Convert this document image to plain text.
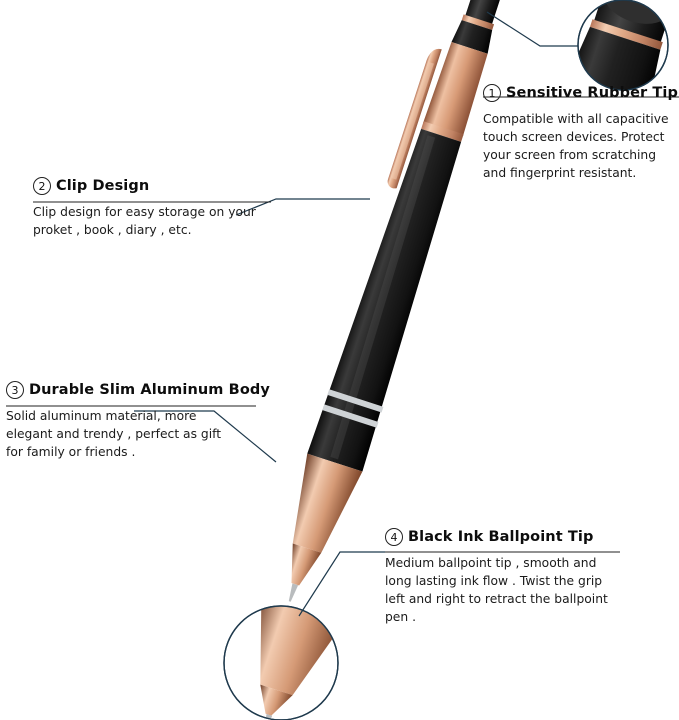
1 Sensitive Rubber Tip
Compatible with all capacitive touch screen devices. Protect your screen from scratching and fingerprint resistant.
2 Clip Design
Clip design for easy storage on your proket , book , diary , etc.
3 Durable Slim Aluminum Body
Solid aluminum material, more elegant and trendy , perfect as gift for family or friends .
4 Black Ink Ballpoint Tip
Medium ballpoint tip , smooth and long lasting ink flow . Twist the grip left and right to retract the ballpoint pen .
